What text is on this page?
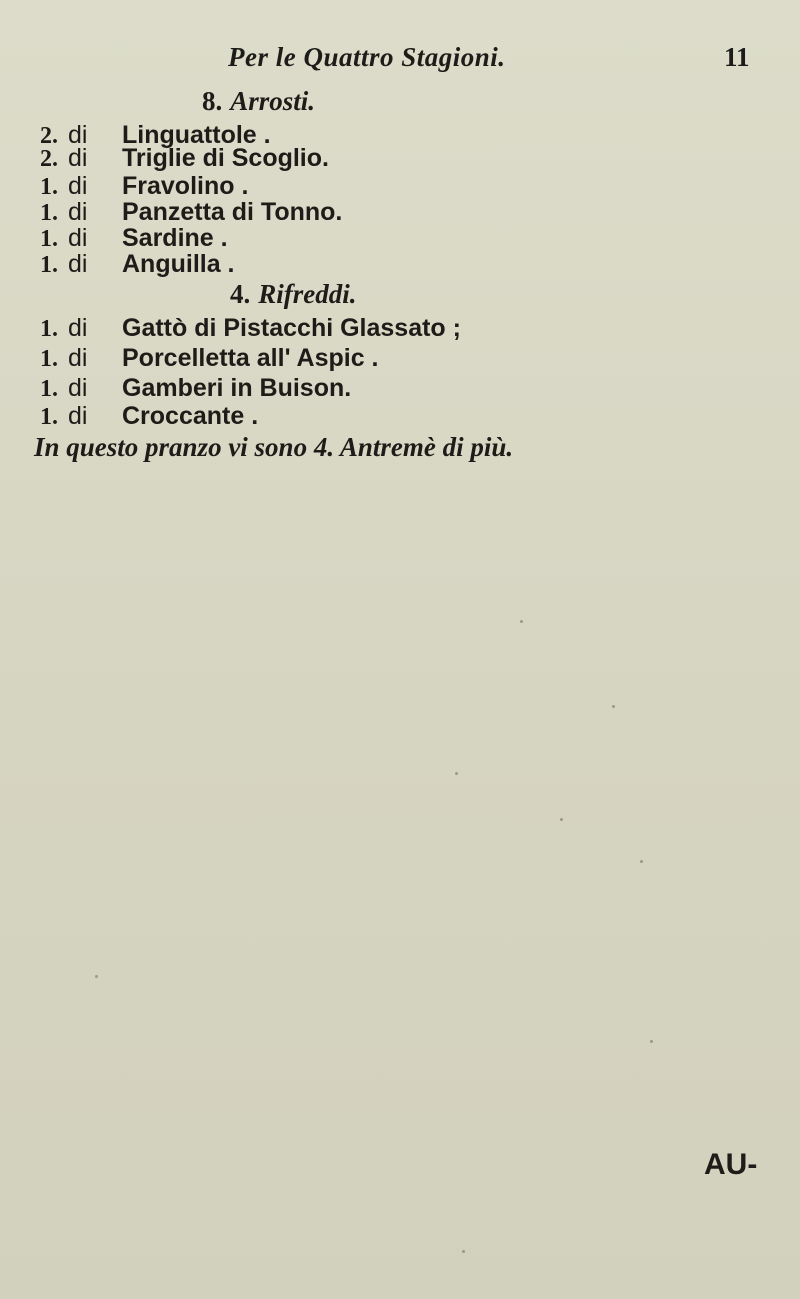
Per le Quattro Stagioni.	11
8. Arrosti.
2. di Linguattole .
2. di Triglie di Scoglio.
1. di Fravolino .
1. di Panzetta di Tonno.
1. di Sardine .
1. di Anguilla .
4. Rifreddi.
1. di Gattò di Pistacchi Glassato ;
1. di Porcelletta all' Aspic .
1. di Gamberi in Buison.
1. di Croccante .
In questo pranzo vi sono 4. Antremè di più.
AU-
